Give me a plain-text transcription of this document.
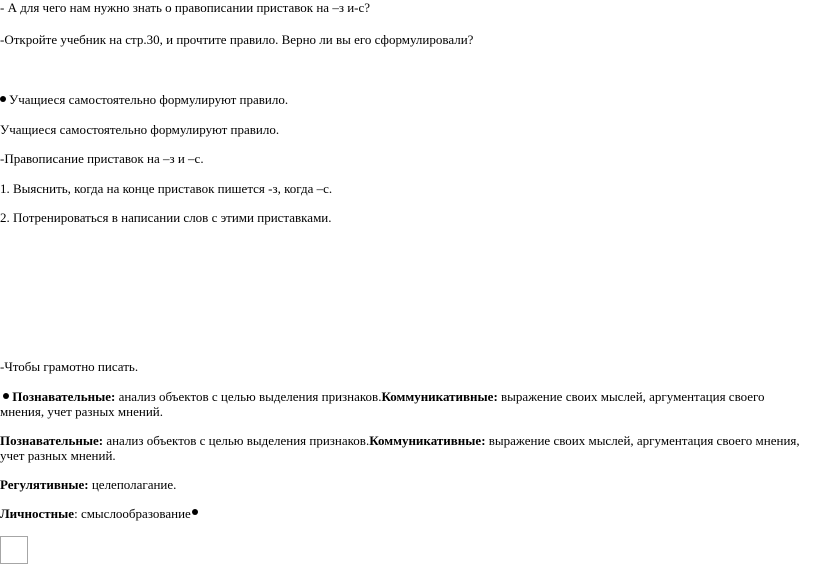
- А для чего нам нужно знать о правописании приставок на –з и-с?
-Откройте учебник на стр.30, и прочтите правило. Верно ли вы его сформулировали?
Учащиеся самостоятельно формулируют правило.
Учащиеся самостоятельно формулируют правило.
-Правописание приставок на –з и –с.
1. Выяснить, когда на конце приставок пишется -з, когда –с.
2. Потренироваться в написании слов с этими приставками.
-Чтобы грамотно писать.
Познавательные: анализ объектов с целью выделения признаков.Коммуникативные: выражение своих мыслей, аргументация своего мнения, учет разных мнений.
Познавательные: анализ объектов с целью выделения признаков.Коммуникативные: выражение своих мыслей, аргументация своего мнения, учет разных мнений.
Регулятивные: целеполагание.
Личностные: смыслообразование
